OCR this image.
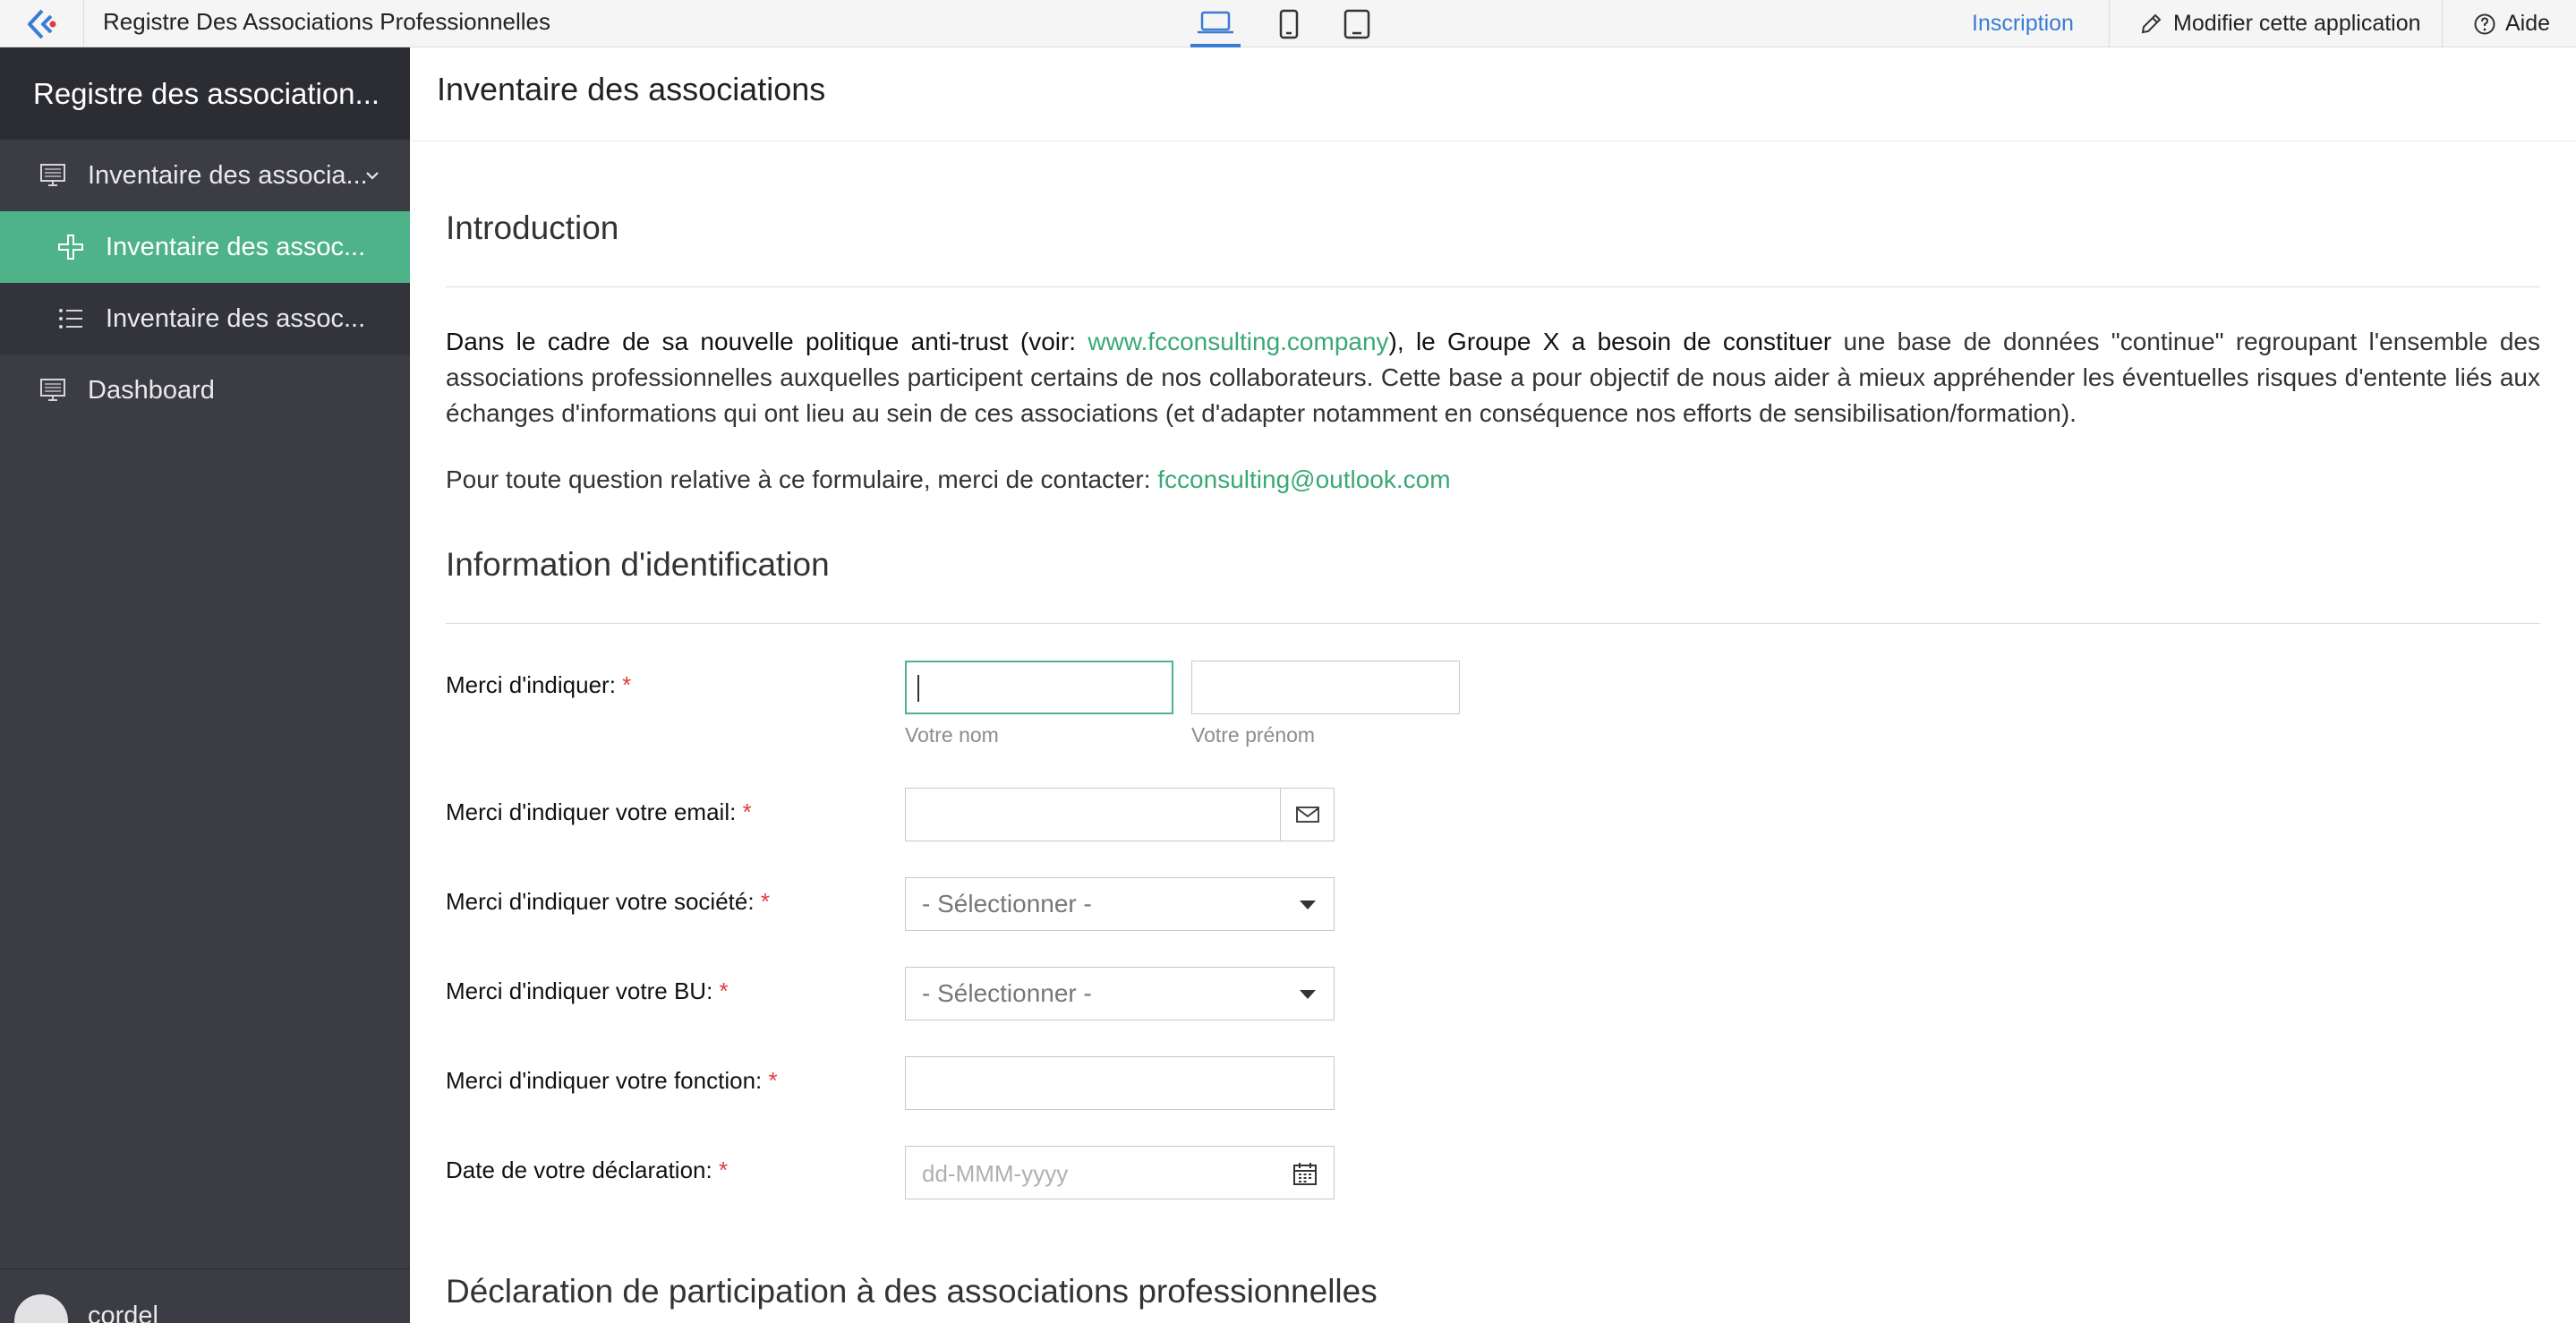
Registre Des Associations Professionnelles	Inscription	Modifier cette application	Aide
Registre des association...
Inventaire des associa...
Inventaire des assoc...
Inventaire des assoc...
Dashboard
cordel
Inventaire des associations
Introduction
Dans le cadre de sa nouvelle politique anti-trust (voir: www.fcconsulting.company), le Groupe X a besoin de constituer une base de données "continue" regroupant l'ensemble des associations professionnelles auxquelles participent certains de nos collaborateurs. Cette base a pour objectif de nous aider à mieux appréhender les éventuelles risques d'entente liés aux échanges d'informations qui ont lieu au sein de ces associations (et d'adapter notamment en conséquence nos efforts de sensibilisation/formation).
Pour toute question relative à ce formulaire, merci de contacter: fcconsulting@outlook.com
Information d'identification
Merci d'indiquer: *
Votre nom	Votre prénom
Merci d'indiquer votre email: *
Merci d'indiquer votre société: *	- Sélectionner -
Merci d'indiquer votre BU: *	- Sélectionner -
Merci d'indiquer votre fonction: *
Date de votre déclaration: *	dd-MMM-yyyy
Déclaration de participation à des associations professionnelles
